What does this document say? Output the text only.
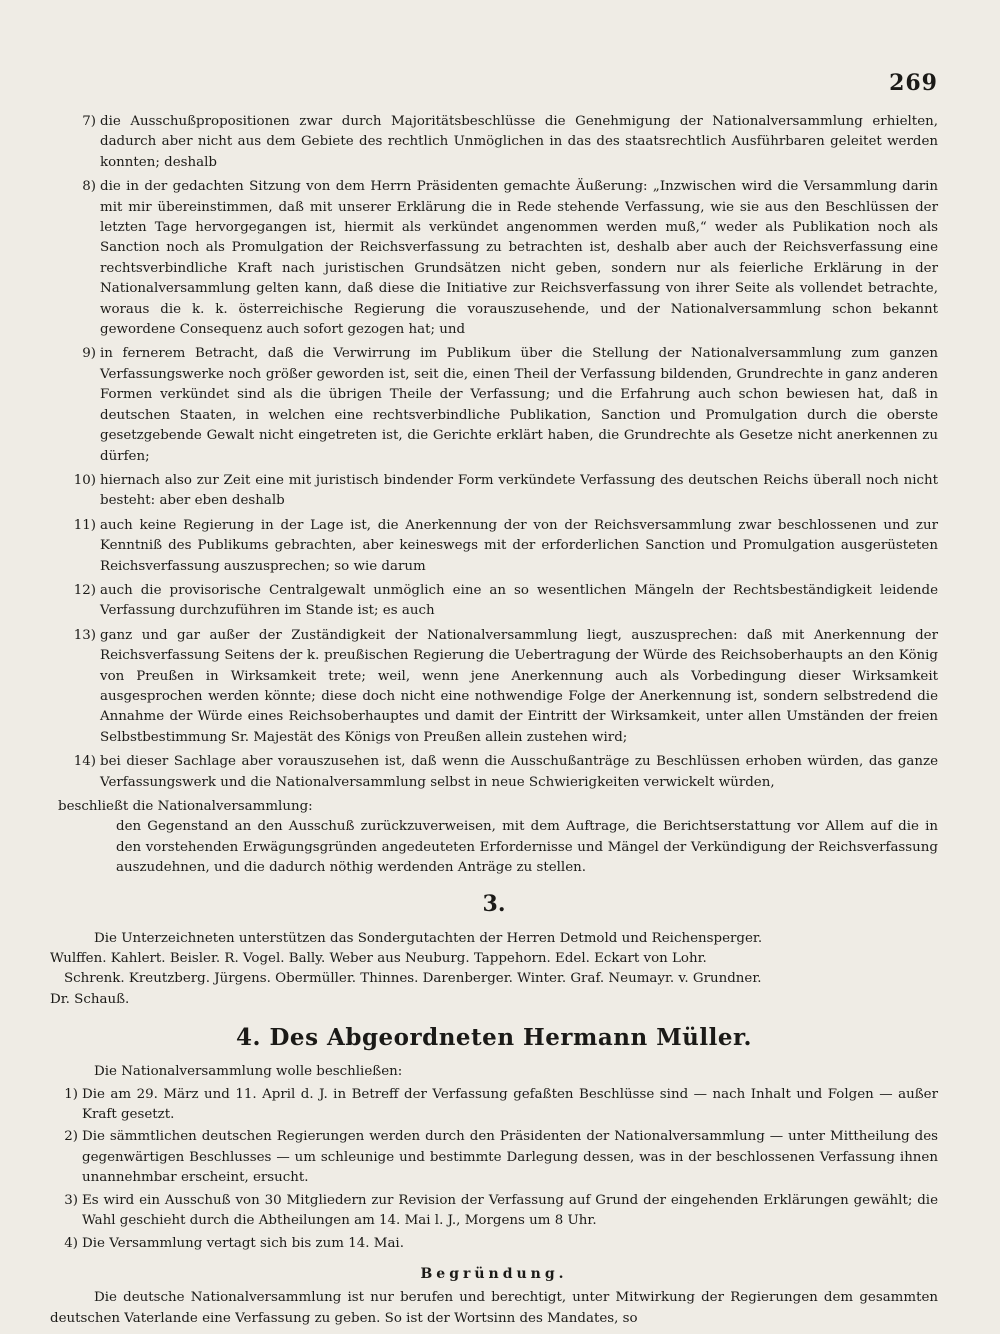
269
7) die Ausschußpropositionen zwar durch Majoritätsbeschlüsse die Genehmigung der Nationalversammlung erhielten, dadurch aber nicht aus dem Gebiete des rechtlich Unmöglichen in das des staatsrechtlich Ausführbaren geleitet werden konnten; deshalb
8) die in der gedachten Sitzung von dem Herrn Präsidenten gemachte Äußerung: „Inzwischen wird die Versammlung darin mit mir übereinstimmen, daß mit unserer Erklärung die in Rede stehende Verfassung, wie sie aus den Beschlüssen der letzten Tage hervorgegangen ist, hiermit als verkündet angenommen werden muß,“ weder als Publikation noch als Sanction noch als Promulgation der Reichsverfassung zu betrachten ist, deshalb aber auch der Reichsverfassung eine rechtsverbindliche Kraft nach juristischen Grundsätzen nicht geben, sondern nur als feierliche Erklärung in der Nationalversammlung gelten kann, daß diese die Initiative zur Reichsverfassung von ihrer Seite als vollendet betrachte, woraus die k. k. österreichische Regierung die vorauszusehende, und der Nationalversammlung schon bekannt gewordene Consequenz auch sofort gezogen hat; und
9) in fernerem Betracht, daß die Verwirrung im Publikum über die Stellung der Nationalversammlung zum ganzen Verfassungswerke noch größer geworden ist, seit die, einen Theil der Verfassung bildenden, Grundrechte in ganz anderen Formen verkündet sind als die übrigen Theile der Verfassung; und die Erfahrung auch schon bewiesen hat, daß in deutschen Staaten, in welchen eine rechtsverbindliche Publikation, Sanction und Promulgation durch die oberste gesetzgebende Gewalt nicht eingetreten ist, die Gerichte erklärt haben, die Grundrechte als Gesetze nicht anerkennen zu dürfen;
10) hiernach also zur Zeit eine mit juristisch bindender Form verkündete Verfassung des deutschen Reichs überall noch nicht besteht: aber eben deshalb
11) auch keine Regierung in der Lage ist, die Anerkennung der von der Reichsversammlung zwar beschlossenen und zur Kenntniß des Publikums gebrachten, aber keineswegs mit der erforderlichen Sanction und Promulgation ausgerüsteten Reichsverfassung auszusprechen; so wie darum
12) auch die provisorische Centralgewalt unmöglich eine an so wesentlichen Mängeln der Rechtsbeständigkeit leidende Verfassung durchzuführen im Stande ist; es auch
13) ganz und gar außer der Zuständigkeit der Nationalversammlung liegt, auszusprechen: daß mit Anerkennung der Reichsverfassung Seitens der k. preußischen Regierung die Uebertragung der Würde des Reichsoberhaupts an den König von Preußen in Wirksamkeit trete; weil, wenn jene Anerkennung auch als Vorbedingung dieser Wirksamkeit ausgesprochen werden könnte; diese doch nicht eine nothwendige Folge der Anerkennung ist, sondern selbstredend die Annahme der Würde eines Reichsoberhauptes und damit der Eintritt der Wirksamkeit, unter allen Umständen der freien Selbstbestimmung Sr. Majestät des Königs von Preußen allein zustehen wird;
14) bei dieser Sachlage aber vorauszusehen ist, daß wenn die Ausschußanträge zu Beschlüssen erhoben würden, das ganze Verfassungswerk und die Nationalversammlung selbst in neue Schwierigkeiten verwickelt würden,

beschließt die Nationalversammlung:

den Gegenstand an den Ausschuß zurückzuverweisen, mit dem Auftrage, die Berichtserstattung vor Allem auf die in den vorstehenden Erwägungsgründen angedeuteten Erfordernisse und Mängel der Verkündigung der Reichsverfassung auszudehnen, und die dadurch nöthig werdenden Anträge zu stellen.

3.

Die Unterzeichneten unterstützen das Sondergutachten der Herren Detmold und Reichensperger.

Wulffen. Kahlert. Beisler. R. Vogel. Bally. Weber aus Neuburg. Tappehorn. Edel. Eckart von Lohr.
Schrenk. Kreutzberg. Jürgens. Obermüller. Thinnes. Darenberger. Winter. Graf. Neumayr. v. Grundner.
Dr. Schauß.
4. Des Abgeordneten Hermann Müller.

Die Nationalversammlung wolle beschließen:

1) Die am 29. März und 11. April d. J. in Betreff der Verfassung gefaßten Beschlüsse sind — nach Inhalt und Folgen — außer Kraft gesetzt.
2) Die sämmtlichen deutschen Regierungen werden durch den Präsidenten der Nationalversammlung — unter Mittheilung des gegenwärtigen Beschlusses — um schleunige und bestimmte Darlegung dessen, was in der beschlossenen Verfassung ihnen unannehmbar erscheint, ersucht.
3) Es wird ein Ausschuß von 30 Mitgliedern zur Revision der Verfassung auf Grund der eingehenden Erklärungen gewählt; die Wahl geschieht durch die Abtheilungen am 14. Mai l. J., Morgens um 8 Uhr.
4) Die Versammlung vertagt sich bis zum 14. Mai.
Begründung.

Die deutsche Nationalversammlung ist nur berufen und berechtigt, unter Mitwirkung der Regierungen dem gesammten deutschen Vaterlande eine Verfassung zu geben. So ist der Wortsinn des Mandates, so
